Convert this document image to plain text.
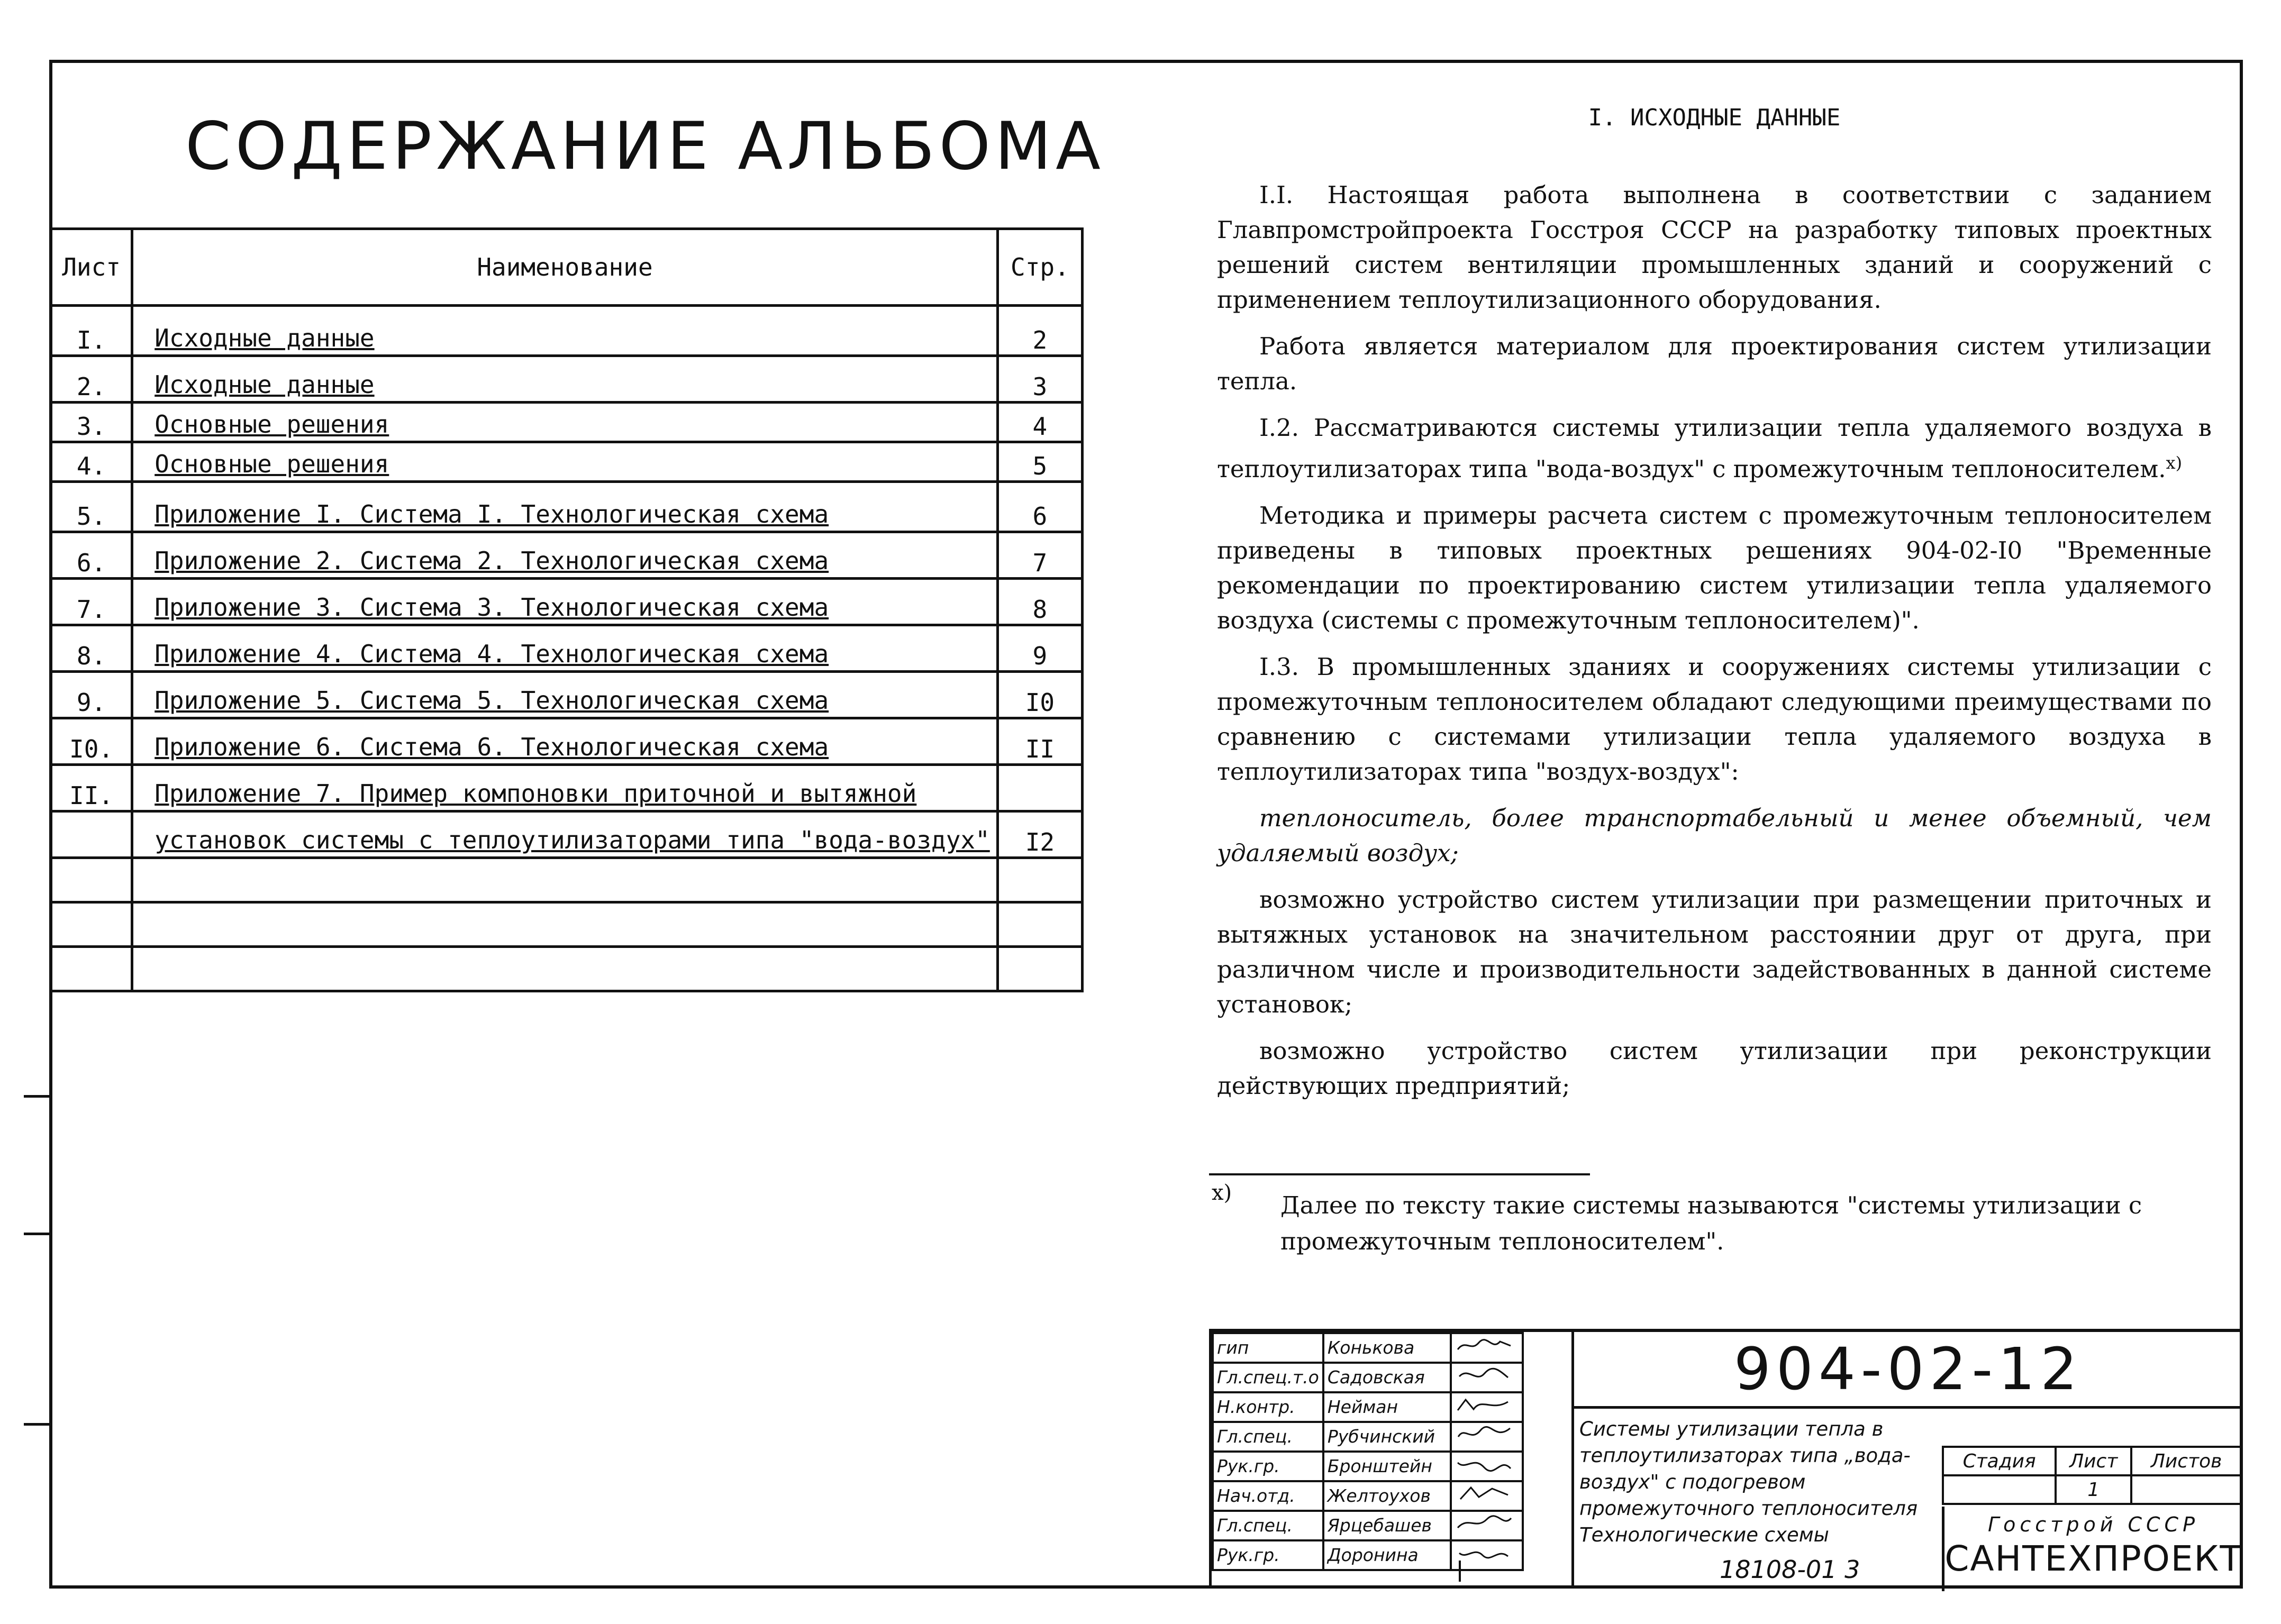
СОДЕРЖАНИЕ АЛЬБОМА
Лист	Наименование	Стр.
I.	Исходные данные	2
2.	Исходные данные	3
3.	Основные решения	4
4.	Основные решения	5
5.	Приложение I. Система I. Технологическая схема	6
6.	Приложение 2. Система 2. Технологическая схема	7
7.	Приложение 3. Система 3. Технологическая схема	8
8.	Приложение 4. Система 4. Технологическая схема	9
9.	Приложение 5. Система 5. Технологическая схема	I0
I0.	Приложение 6. Система 6. Технологическая схема	II
II.	Приложение 7. Пример компоновки приточной и вытяжной	
	установок системы с теплоутилизаторами типа "вода-воздух"	I2

I. ИСХОДНЫЕ ДАННЫЕ

I.I. Настоящая работа выполнена в соответствии с заданием Главпромстройпроекта Госстроя СССР на разработку типовых проектных решений систем вентиляции промышленных зданий и сооружений с применением теплоутилизационного оборудования.

Работа является материалом для проектирования систем утилизации тепла.

I.2. Рассматриваются системы утилизации тепла удаляемого воздуха в теплоутилизаторах типа "вода-воздух" с промежуточным теплоносителем.$^{x)}$

Методика и примеры расчета систем с промежуточным теплоносителем приведены в типовых проектных решениях 904-02-I0 "Временные рекомендации по проектированию систем утилизации тепла удаляемого воздуха (системы с промежуточным теплоносителем)".

I.3. В промышленных зданиях и сооружениях системы утилизации с промежуточным теплоносителем обладают следующими преимуществами по сравнению с системами утилизации тепла удаляемого воздуха в теплоутилизаторах типа "воздух-воздух":

теплоноситель, более транспортабельный и менее объемный, чем удаляемый воздух;

возможно устройство систем утилизации при размещении приточных и вытяжных установок на значительном расстоянии друг от друга, при различном числе и производительности задействованных в данной системе установок;

возможно устройство систем утилизации при реконструкции действующих предприятий;

x) Далее по тексту такие системы называются "системы утилизации с промежуточным теплоносителем".
гип	Конькова		
Гл.спец.т.о	Садовская	
Н.контр.	Нейман	
Гл.спец.	Рубчинский	
Рук.гр.	Бронштейн	
Нач.отд.	Желтоухов	
Гл.спец.	Ярцебашев	
Рук.гр.	Доронина	
904-02-12
Системы утилизации тепла в теплоутилизаторах типа „вода-воздух" с подогревом промежуточного теплоносителя Технологические схемы
Стадия	Лист	Листов
	1	
Госстрой СССР
САНТЕХПРОЕКТ
18108-01 3
